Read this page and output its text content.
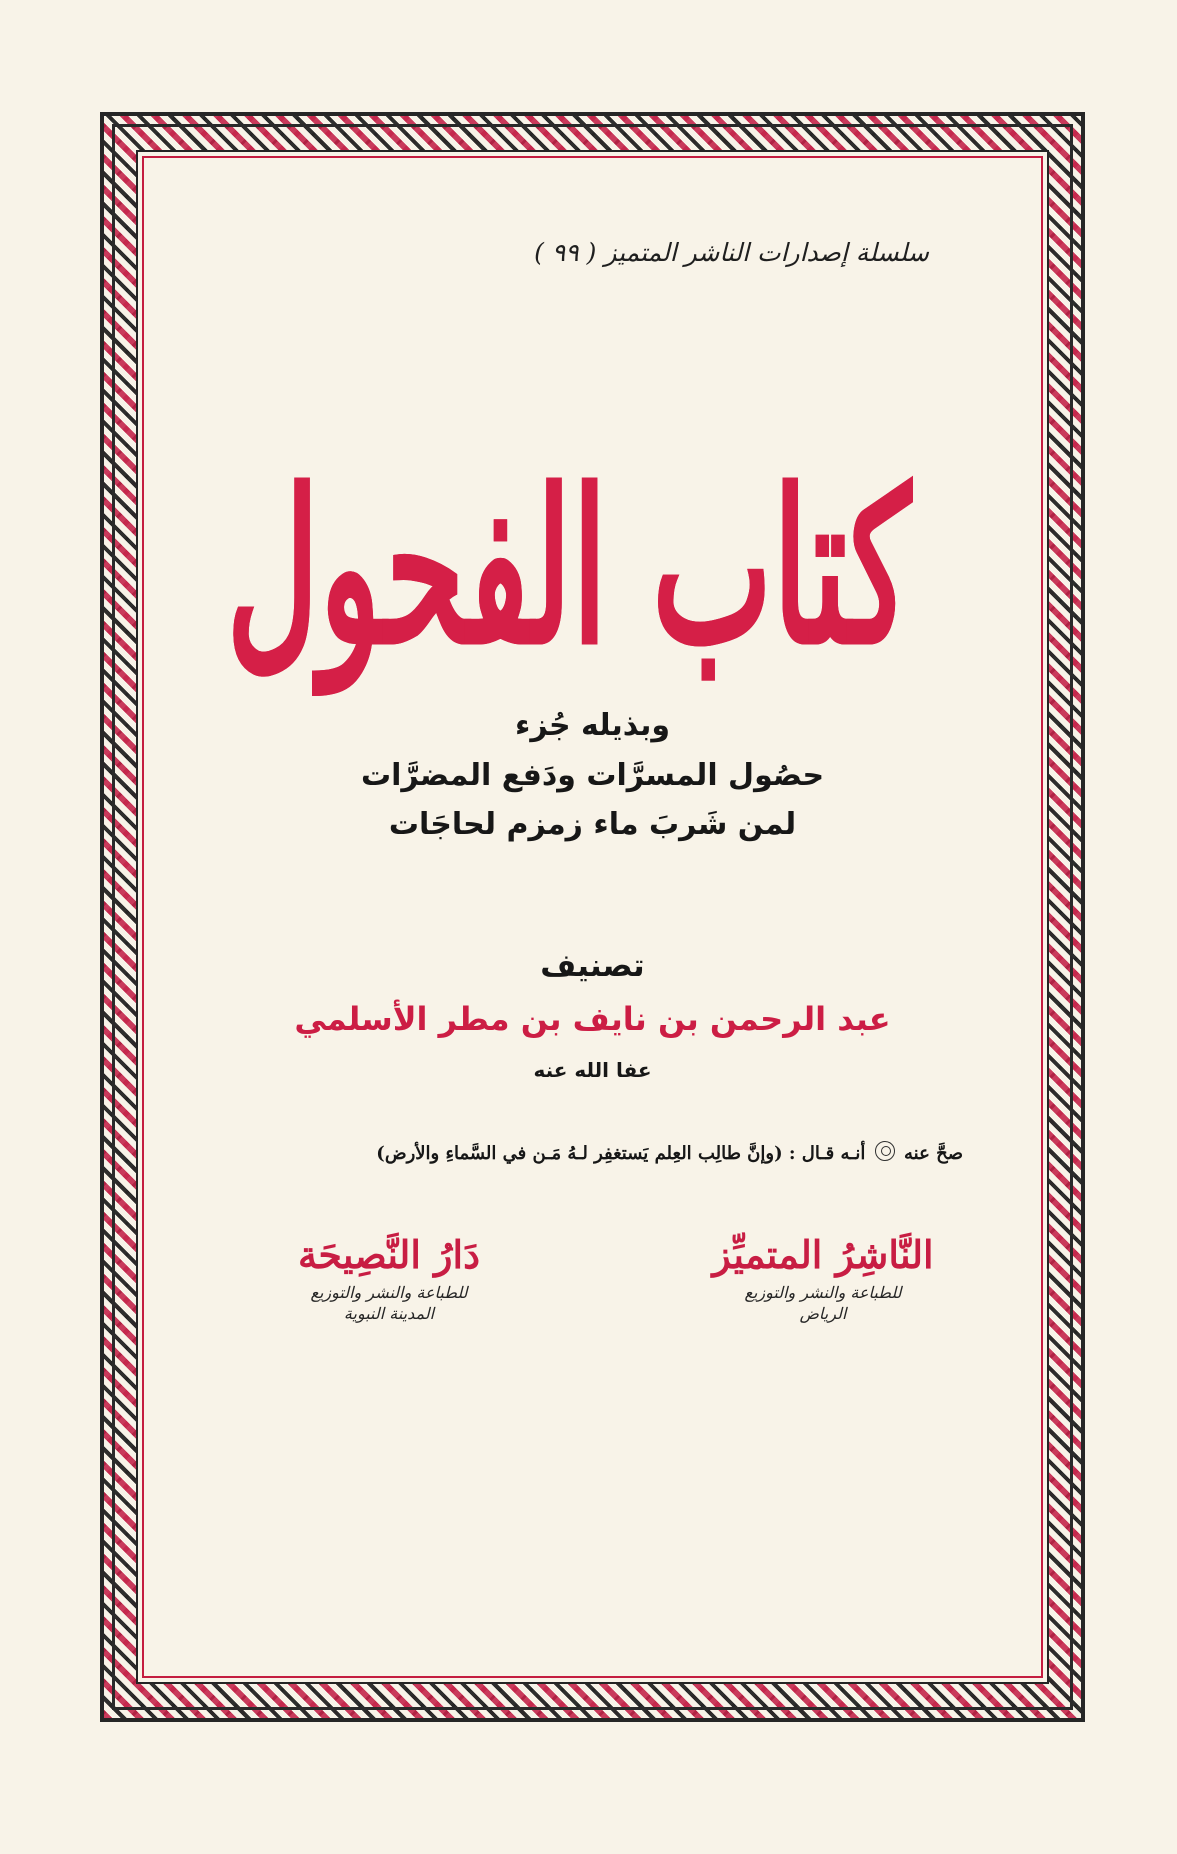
سلسلة إصدارات الناشر المتميز ( ٩٩ )
كتاب الفحول
وبذيله جُزء
حصُول المسرَّات ودَفع المضرَّات
لمن شَربَ ماء زمزم لحاجَات
تصنيف
عبد الرحمن بن نايف بن مطر الأسلمي
عفا الله عنه
صحَّ عنه  أنـه قـال : (وإنَّ طالِب العِلم يَستغفِر لـهُ مَـن في السَّماءِ والأرض)
النَّاشِرُ المتميِّز
للطباعة والنشر والتوزيع
الرياض
دَارُ النَّصِيحَة
للطباعة والنشر والتوزيع
المدينة النبوية
